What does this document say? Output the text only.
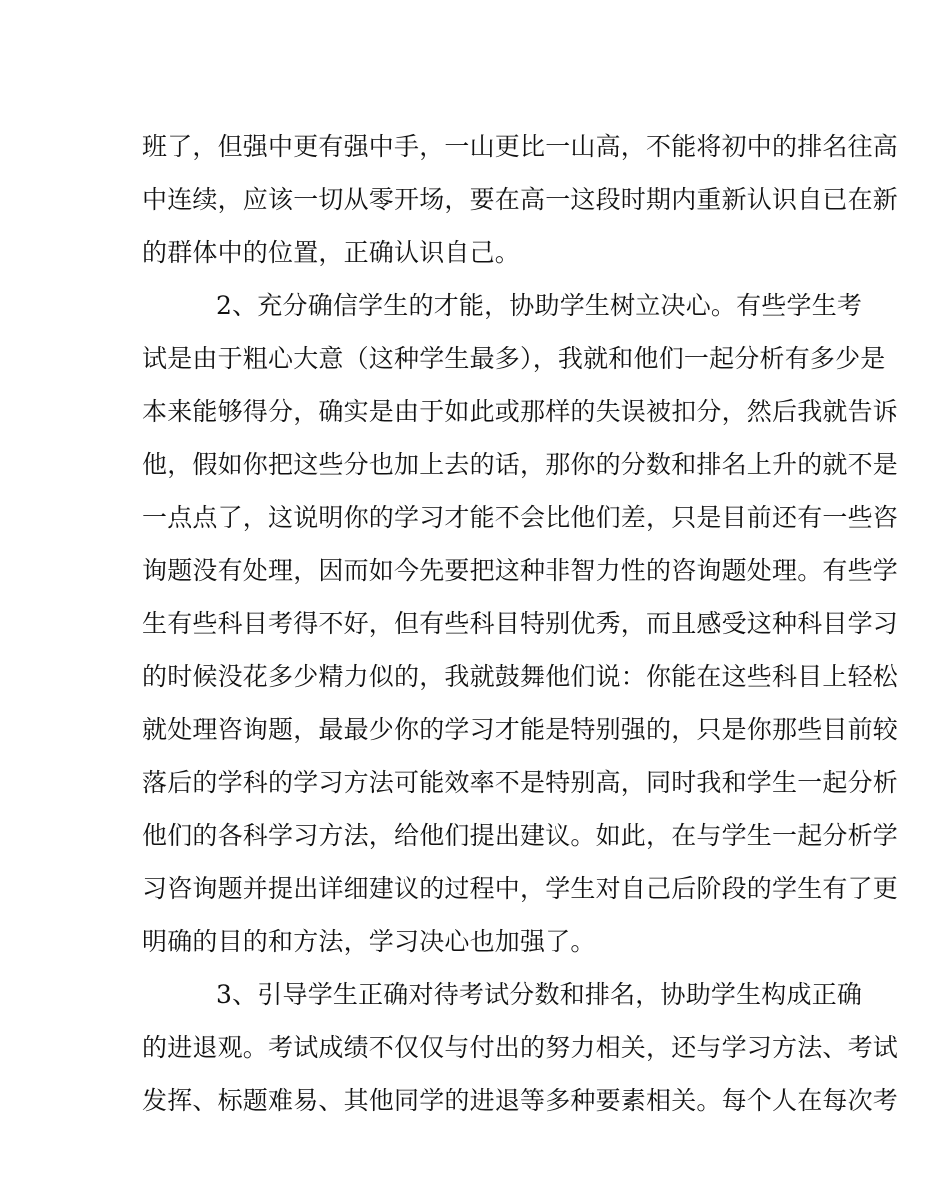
班了，但强中更有强中手，一山更比一山高，不能将初中的排名往高
中连续，应该一切从零开场，要在高一这段时期内重新认识自已在新
的群体中的位置，正确认识自己。
2、充分确信学生的才能，协助学生树立决心。有些学生考
试是由于粗心大意（这种学生最多），我就和他们一起分析有多少是
本来能够得分，确实是由于如此或那样的失误被扣分，然后我就告诉
他，假如你把这些分也加上去的话，那你的分数和排名上升的就不是
一点点了，这说明你的学习才能不会比他们差，只是目前还有一些咨
询题没有处理，因而如今先要把这种非智力性的咨询题处理。有些学
生有些科目考得不好，但有些科目特别优秀，而且感受这种科目学习
的时候没花多少精力似的，我就鼓舞他们说：你能在这些科目上轻松
就处理咨询题，最最少你的学习才能是特别强的，只是你那些目前较
落后的学科的学习方法可能效率不是特别高，同时我和学生一起分析
他们的各科学习方法，给他们提出建议。如此，在与学生一起分析学
习咨询题并提出详细建议的过程中，学生对自己后阶段的学生有了更
明确的目的和方法，学习决心也加强了。
3、引导学生正确对待考试分数和排名，协助学生构成正确
的进退观。考试成绩不仅仅与付出的努力相关，还与学习方法、考试
发挥、标题难易、其他同学的进退等多种要素相关。每个人在每次考
